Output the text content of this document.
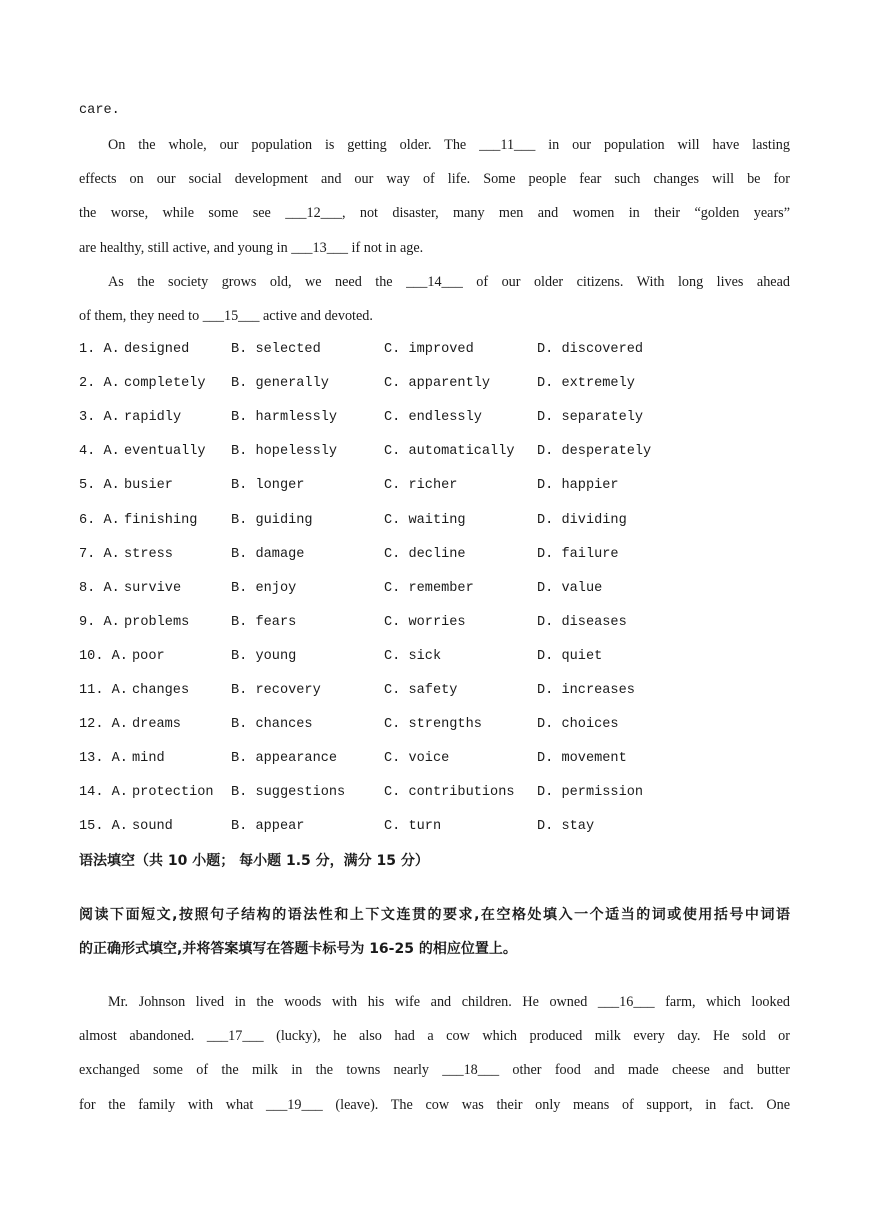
care.
On the whole, our population is getting older. The ___11___ in our population will have lasting
effects on our social development and our way of life. Some people fear such changes will be for
the worse, while some see ___12___, not disaster, many men and women in their “golden years”
are healthy, still active, and young in ___13___ if not in age.
As the society grows old, we need the ___14___ of our older citizens. With long lives ahead
of them, they need to ___15___ active and devoted.
1. A. designed	B. selected	C. improved	D. discovered
2. A. completely B. generally	C. apparently	D. extremely
3. A. rapidly	B. harmlessly	C. endlessly	D. separately
4. A. eventually B. hopelessly	C. automatically D. desperately
5. A. busier	B. longer	C. richer	D. happier
6. A. finishing B. guiding	C. waiting	D. dividing
7. A. stress	B. damage	C. decline	D. failure
8. A. survive	B. enjoy	C. remember	D. value
9. A. problems	B. fears	C. worries	D. diseases
10. A. poor	B. young	C. sick	D. quiet
11. A. changes	B. recovery	C. safety	D. increases
12. A. dreams	B. chances	C. strengths	D. choices
13. A. mind	B. appearance	C. voice	D. movement
14. A. protection B. suggestions	C. contributions D. permission
15. A. sound	B. appear	C. turn	D. stay
语法填空（共 10 小题； 每小题 1.5 分，满分 15 分）
阅读下面短文,按照句子结构的语法性和上下文连贯的要求,在空格处填入一个适当的词或使用括号中词语
的正确形式填空,并将答案填写在答题卡标号为 16-25 的相应位置上。
Mr. Johnson lived in the woods with his wife and children. He owned ___16___ farm, which looked
almost abandoned. ___17___ (lucky), he also had a cow which produced milk every day. He sold or
exchanged some of the milk in the towns nearly ___18___ other food and made cheese and butter
for the family with what ___19___ (leave). The cow was their only means of support, in fact. One
